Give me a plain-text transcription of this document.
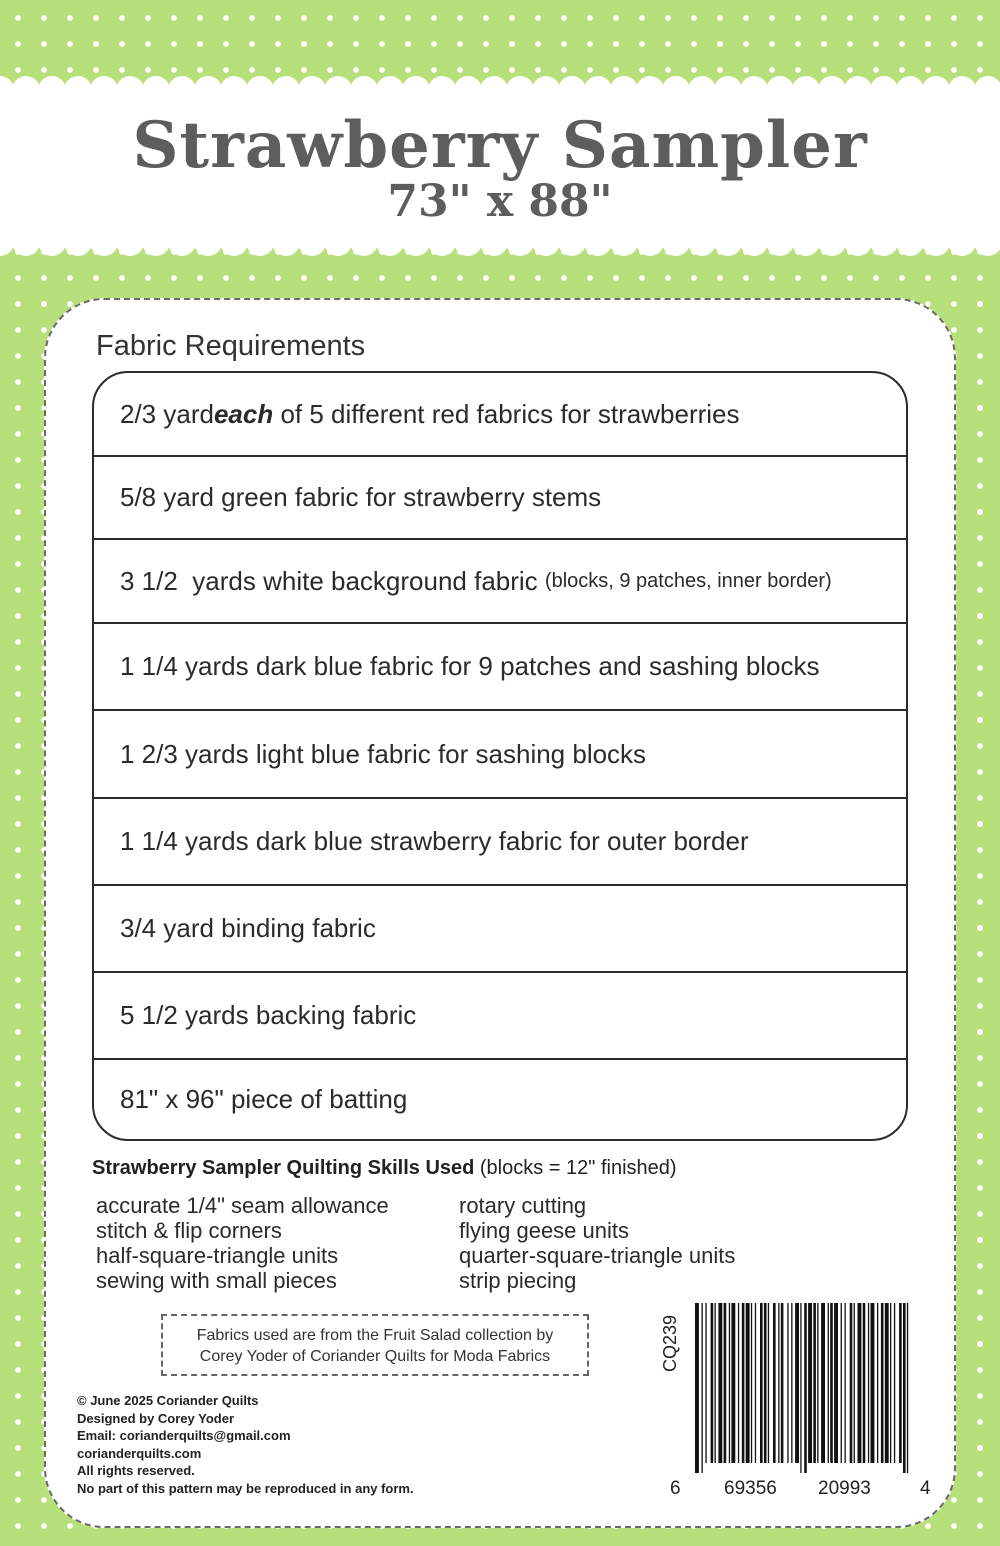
Strawberry Sampler
73" x 88"
Fabric Requirements
2/3 yard each of 5 different red fabrics for strawberries
5/8 yard green fabric for strawberry stems
3 1/2  yards white background fabric (blocks, 9 patches, inner border)
1 1/4 yards dark blue fabric for 9 patches and sashing blocks
1 2/3 yards light blue fabric for sashing blocks
1 1/4 yards dark blue strawberry fabric for outer border
3/4 yard binding fabric
5 1/2 yards backing fabric
81" x 96" piece of batting
Strawberry Sampler Quilting Skills Used (blocks = 12" finished)
accurate 1/4" seam allowance
stitch & flip corners
half-square-triangle units
sewing with small pieces
rotary cutting
flying geese units
quarter-square-triangle units
strip piecing
Fabrics used are from the Fruit Salad collection by
Corey Yoder of Coriander Quilts for Moda Fabrics
© June 2025 Coriander Quilts
Designed by Corey Yoder
Email: corianderquilts@gmail.com
corianderquilts.com
All rights reserved.
No part of this pattern may be reproduced in any form.
CQ239
6 69356 20993	4
